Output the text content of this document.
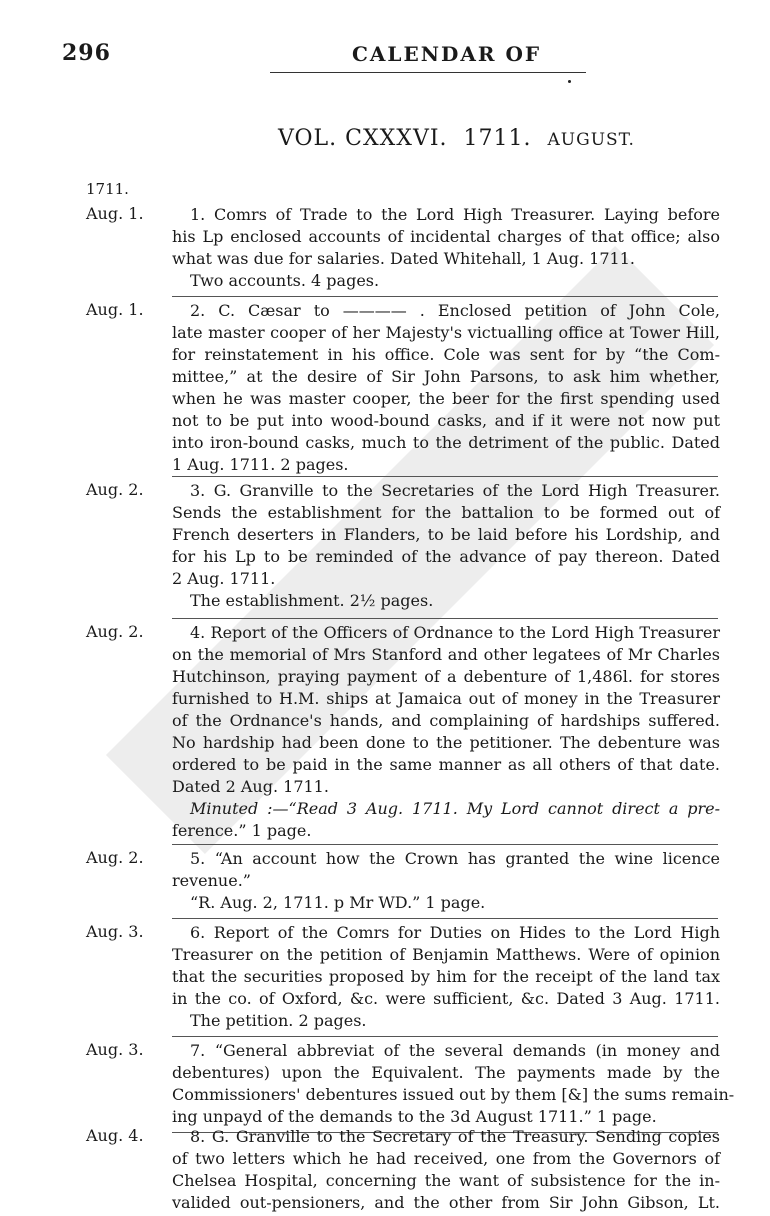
296	CALENDAR OF
VOL. CXXXVI. 1711. AUGUST.
1711.
Aug. 1.	1. Comrs of Trade to the Lord High Treasurer. Laying before
his Lp enclosed accounts of incidental charges of that office; also
what was due for salaries. Dated Whitehall, 1 Aug. 1711.
Two accounts. 4 pages.
Aug. 1.	2. C. Cæsar to ———— . Enclosed petition of John Cole,
late master cooper of her Majesty's victualling office at Tower Hill,
for reinstatement in his office. Cole was sent for by “the Com-
mittee,” at the desire of Sir John Parsons, to ask him whether,
when he was master cooper, the beer for the first spending used
not to be put into wood-bound casks, and if it were not now put
into iron-bound casks, much to the detriment of the public. Dated
1 Aug. 1711. 2 pages.
Aug. 2.	3. G. Granville to the Secretaries of the Lord High Treasurer.
Sends the establishment for the battalion to be formed out of
French deserters in Flanders, to be laid before his Lordship, and
for his Lp to be reminded of the advance of pay thereon. Dated
2 Aug. 1711.
The establishment. 2½ pages.
Aug. 2.	4. Report of the Officers of Ordnance to the Lord High Treasurer
on the memorial of Mrs Stanford and other legatees of Mr Charles
Hutchinson, praying payment of a debenture of 1,486l. for stores
furnished to H.M. ships at Jamaica out of money in the Treasurer
of the Ordnance's hands, and complaining of hardships suffered.
No hardship had been done to the petitioner. The debenture was
ordered to be paid in the same manner as all others of that date.
Dated 2 Aug. 1711.
Minuted :—“Read 3 Aug. 1711. My Lord cannot direct a pre-
ference.” 1 page.
Aug. 2.	5. “An account how the Crown has granted the wine licence
revenue.”
“R. Aug. 2, 1711. p Mr WD.” 1 page.
Aug. 3.	6. Report of the Comrs for Duties on Hides to the Lord High
Treasurer on the petition of Benjamin Matthews. Were of opinion
that the securities proposed by him for the receipt of the land tax
in the co. of Oxford, &c. were sufficient, &c. Dated 3 Aug. 1711.
The petition. 2 pages.
Aug. 3.	7. “General abbreviat of the several demands (in money and
debentures) upon the Equivalent. The payments made by the
Commissioners' debentures issued out by them [&] the sums remain-
ing unpayd of the demands to the 3d August 1711.” 1 page.
Aug. 4.	8. G. Granville to the Secretary of the Treasury. Sending copies
of two letters which he had received, one from the Governors of
Chelsea Hospital, concerning the want of subsistence for the in-
valided out-pensioners, and the other from Sir John Gibson, Lt.
